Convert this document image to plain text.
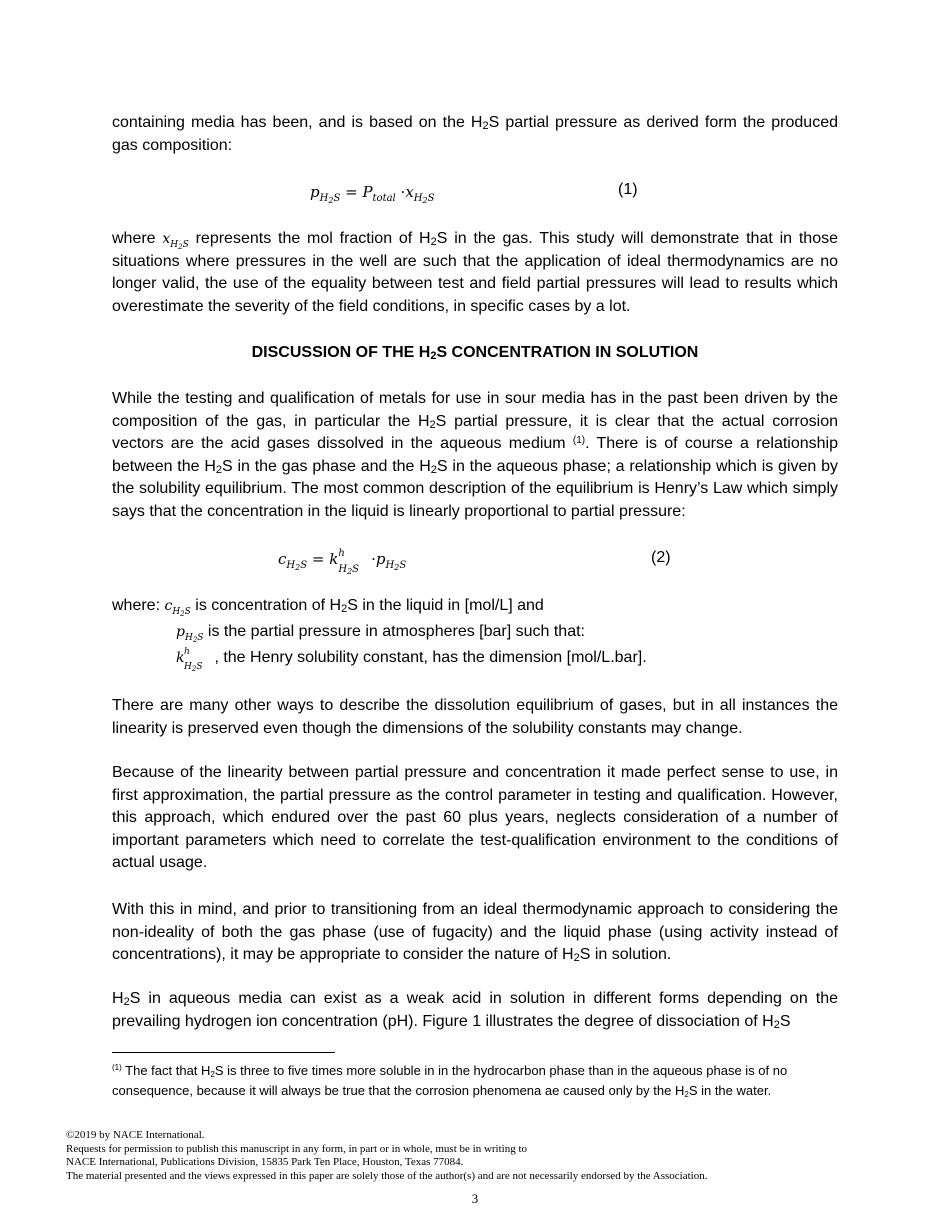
containing media has been, and is based on the $H_2S$ partial pressure as derived form the produced gas composition:

$p_{H_2S} = P_{total} \cdot x_{H_2S}$
(1)

where $x_{H_2S}$ represents the mol fraction of $H_2S$ in the gas. This study will demonstrate that in those situations where pressures in the well are such that the application of ideal thermodynamics are no longer valid, the use of the equality between test and field partial pressures will lead to results which overestimate the severity of the field conditions, in specific cases by a lot.

DISCUSSION OF THE $H_2S$ CONCENTRATION IN SOLUTION

While the testing and qualification of metals for use in sour media has in the past been driven by the composition of the gas, in particular the $H_2S$ partial pressure, it is clear that the actual corrosion vectors are the acid gases dissolved in the aqueous medium $^{(1)}$. There is of course a relationship between the $H_2S$ in the gas phase and the $H_2S$ in the aqueous phase; a relationship which is given by the solubility equilibrium. The most common description of the equilibrium is Henry’s Law which simply says that the concentration in the liquid is linearly proportional to partial pressure:

$c_{H_2S} = k$ h
$H_2S$
$\cdot p_{H_2S}$	(2)
where: $c_{H_2S}$ is concentration of $H_2S$ in the liquid in [mol/L] and
$p_{H_2S}$ is the partial pressure in atmospheres [bar] such that:
k h
$H_2S$
, the Henry solubility constant, has the dimension [mol/L.bar].

There are many other ways to describe the dissolution equilibrium of gases, but in all instances the linearity is preserved even though the dimensions of the solubility constants may change.

Because of the linearity between partial pressure and concentration it made perfect sense to use, in first approximation, the partial pressure as the control parameter in testing and qualification. However, this approach, which endured over the past 60 plus years, neglects consideration of a number of important parameters which need to correlate the test-qualification environment to the conditions of actual usage.

With this in mind, and prior to transitioning from an ideal thermodynamic approach to considering the non-ideality of both the gas phase (use of fugacity) and the liquid phase (using activity instead of concentrations), it may be appropriate to consider the nature of $H_2S$ in solution.

$H_2S$ in aqueous media can exist as a weak acid in solution in different forms depending on the prevailing hydrogen ion concentration (pH). Figure 1 illustrates the degree of dissociation of $H_2S$

$^{(1)}$ The fact that $H_2S$ is three to five times more soluble in in the hydrocarbon phase than in the aqueous phase is of no consequence, because it will always be true that the corrosion phenomena ae caused only by the $H_2S$ in the water.
©2019 by NACE International.
Requests for permission to publish this manuscript in any form, in part or in whole, must be in writing to
NACE International, Publications Division, 15835 Park Ten Place, Houston, Texas 77084.
The material presented and the views expressed in this paper are solely those of the author(s) and are not necessarily endorsed by the Association.
3
